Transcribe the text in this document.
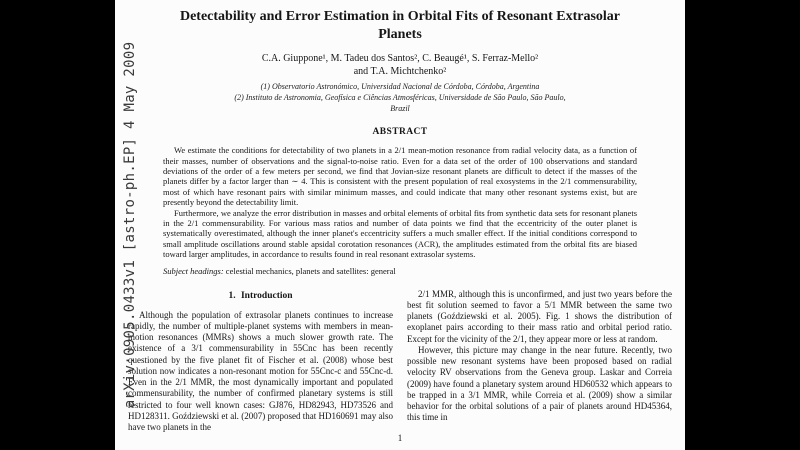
arXiv:0905.0433v1 [astro-ph.EP] 4 May 2009
Detectability and Error Estimation in Orbital Fits of Resonant Extrasolar Planets
C.A. Giuppone¹, M. Tadeu dos Santos², C. Beaugé¹, S. Ferraz-Mello²
and T.A. Michtchenko²
(1) Observatorio Astronómico, Universidad Nacional de Córdoba, Córdoba, Argentina
(2) Instituto de Astronomia, Geofísica e Ciências Atmosféricas, Universidade de São Paulo, São Paulo,
Brazil
ABSTRACT

We estimate the conditions for detectability of two planets in a 2/1 mean-motion resonance from radial velocity data, as a function of their masses, number of observations and the signal-to-noise ratio. Even for a data set of the order of 100 observations and standard deviations of the order of a few meters per second, we find that Jovian-size resonant planets are difficult to detect if the masses of the planets differ by a factor larger than ∼ 4. This is consistent with the present population of real exosystems in the 2/1 commensurability, most of which have resonant pairs with similar minimum masses, and could indicate that many other resonant systems exist, but are presently beyond the detectability limit.

Furthermore, we analyze the error distribution in masses and orbital elements of orbital fits from synthetic data sets for resonant planets in the 2/1 commensurability. For various mass ratios and number of data points we find that the eccentricity of the outer planet is systematically overestimated, although the inner planet's eccentricity suffers a much smaller effect. If the initial conditions correspond to small amplitude oscillations around stable apsidal corotation resonances (ACR), the amplitudes estimated from the orbital fits are biased toward larger amplitudes, in accordance to results found in real resonant extrasolar systems.

Subject headings: celestial mechanics, planets and satellites: general

1. Introduction

Although the population of extrasolar planets continues to increase rapidly, the number of multiple-planet systems with members in mean-motion resonances (MMRs) shows a much slower growth rate. The existence of a 3/1 commensurability in 55Cnc has been recently questioned by the five planet fit of Fischer et al. (2008) whose best solution now indicates a non-resonant motion for 55Cnc-c and 55Cnc-d. Even in the 2/1 MMR, the most dynamically important and populated commensurability, the number of confirmed planetary systems is still restricted to four well known cases: GJ876, HD82943, HD73526 and HD128311. Goździewski et al. (2007) proposed that HD160691 may also have two planets in the

2/1 MMR, although this is unconfirmed, and just two years before the best fit solution seemed to favor a 5/1 MMR between the same two planets (Goździewski et al. 2005). Fig. 1 shows the distribution of exoplanet pairs according to their mass ratio and orbital period ratio. Except for the vicinity of the 2/1, they appear more or less at random.

However, this picture may change in the near future. Recently, two possible new resonant systems have been proposed based on radial velocity RV observations from the Geneva group. Laskar and Correia (2009) have found a planetary system around HD60532 which appears to be trapped in a 3/1 MMR, while Correia et al. (2009) show a similar behavior for the orbital solutions of a pair of planets around HD45364, this time in

1
